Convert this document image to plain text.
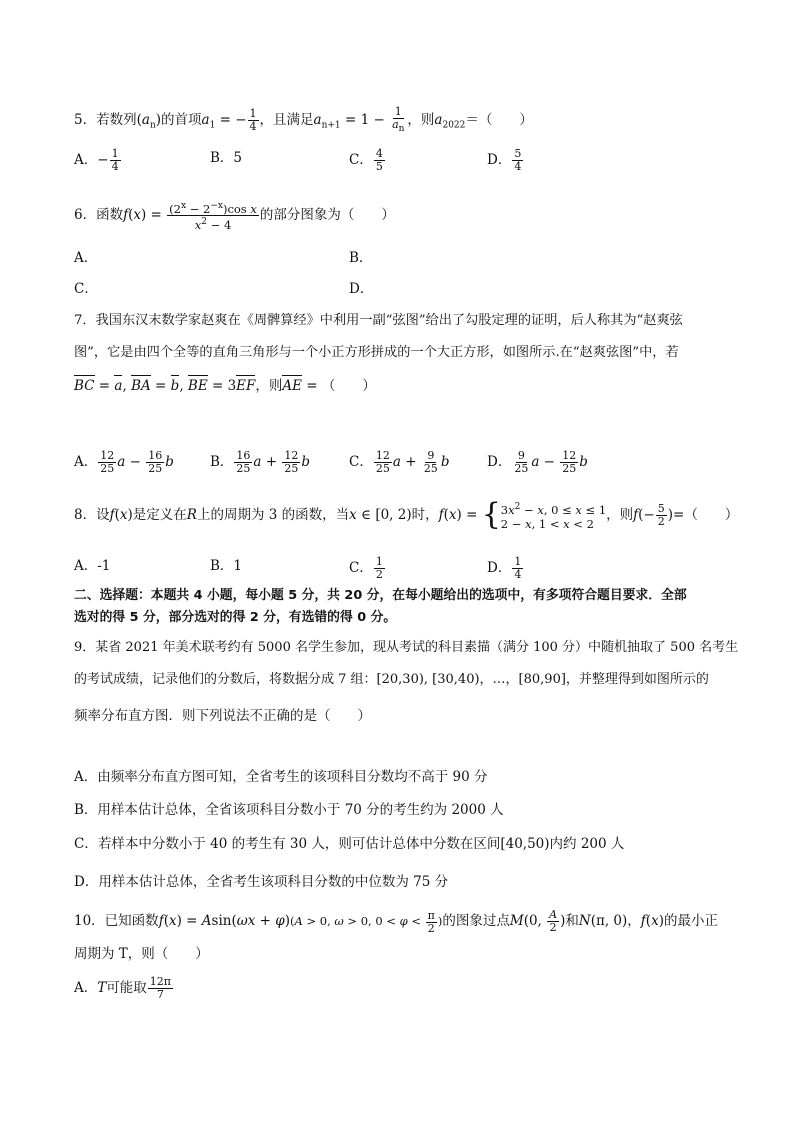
5．若数列$(a_n)$的首项$a_1$ = − $\frac{1}{4}$ ，且满足$a_{n+1} = 1 - \frac{1}{a_n}$ ，则$a_{2022}=$（　　）
A．− $\frac{1}{4}$	B．5	C． $\frac{4}{5}$	D． $\frac{5}{4}$
6．函数$f(x) = \frac{(2^x - 2^{-x})\cos x}{x^2 - 4}$ 的部分图象为（　　）
A．	B．
C．	D．
7．我国东汉末数学家赵爽在《周髀算经》中利用一副“弦图”给出了勾股定理的证明，后人称其为“赵爽弦
图”，它是由四个全等的直角三角形与一个小正方形拼成的一个大正方形，如图所示.在“赵爽弦图”中，若
BC = a, BA = b, BE = 3EF，则AE = （　　）
A． $\frac{12}{25}$ $a - \frac{16}{25}$ b	B． $\frac{16}{25}$ $a + \frac{12}{25}$ b	C． $\frac{12}{25}$ $a + \frac{9}{25}$ b	D． $\frac{9}{25}$ $a - \frac{12}{25}$ b
8．设f(x)是定义在R上的周期为 3 的函数，当x ∈ [0, 2)时，f(x) = { $3x^2 - x$, 0 ≤ x ≤ 1
2 − x, 1 < x < 2
，则$f(- \frac{5}{2}$ )=（　　）
A．-1	B．1	C． $\frac{1}{2}$	D． $\frac{1}{4}$
二、选择题：本题共 4 小题，每小题 5 分，共 20 分，在每小题给出的选项中，有多项符合题目要求．全部
选对的得 5 分，部分选对的得 2 分，有选错的得 0 分。
9．某省 2021 年美术联考约有 5000 名学生参加，现从考试的科目素描（满分 100 分）中随机抽取了 500 名考生
的考试成绩，记录他们的分数后，将数据分成 7 组：[20,30), [30,40)，…，[80,90]，并整理得到如图所示的
频率分布直方图．则下列说法不正确的是（　　）
A．由频率分布直方图可知，全省考生的该项科目分数均不高于 90 分
B．用样本估计总体，全省该项科目分数小于 70 分的考生约为 2000 人
C．若样本中分数小于 40 的考生有 30 人，则可估计总体中分数在区间[40,50)内约 200 人
D．用样本估计总体，全省考生该项科目分数的中位数为 75 分
10．已知函数f(x) = Asin(ωx + φ)(A > 0, ω > 0, $0 < \varphi < \frac{\pi}{2}$ )的图象过点M(0, $\frac{A}{2}$ )和N(π, 0)，f(x)的最小正
周期为 T，则（　　）
A．T可能取 $\frac{12\pi}{7}$
